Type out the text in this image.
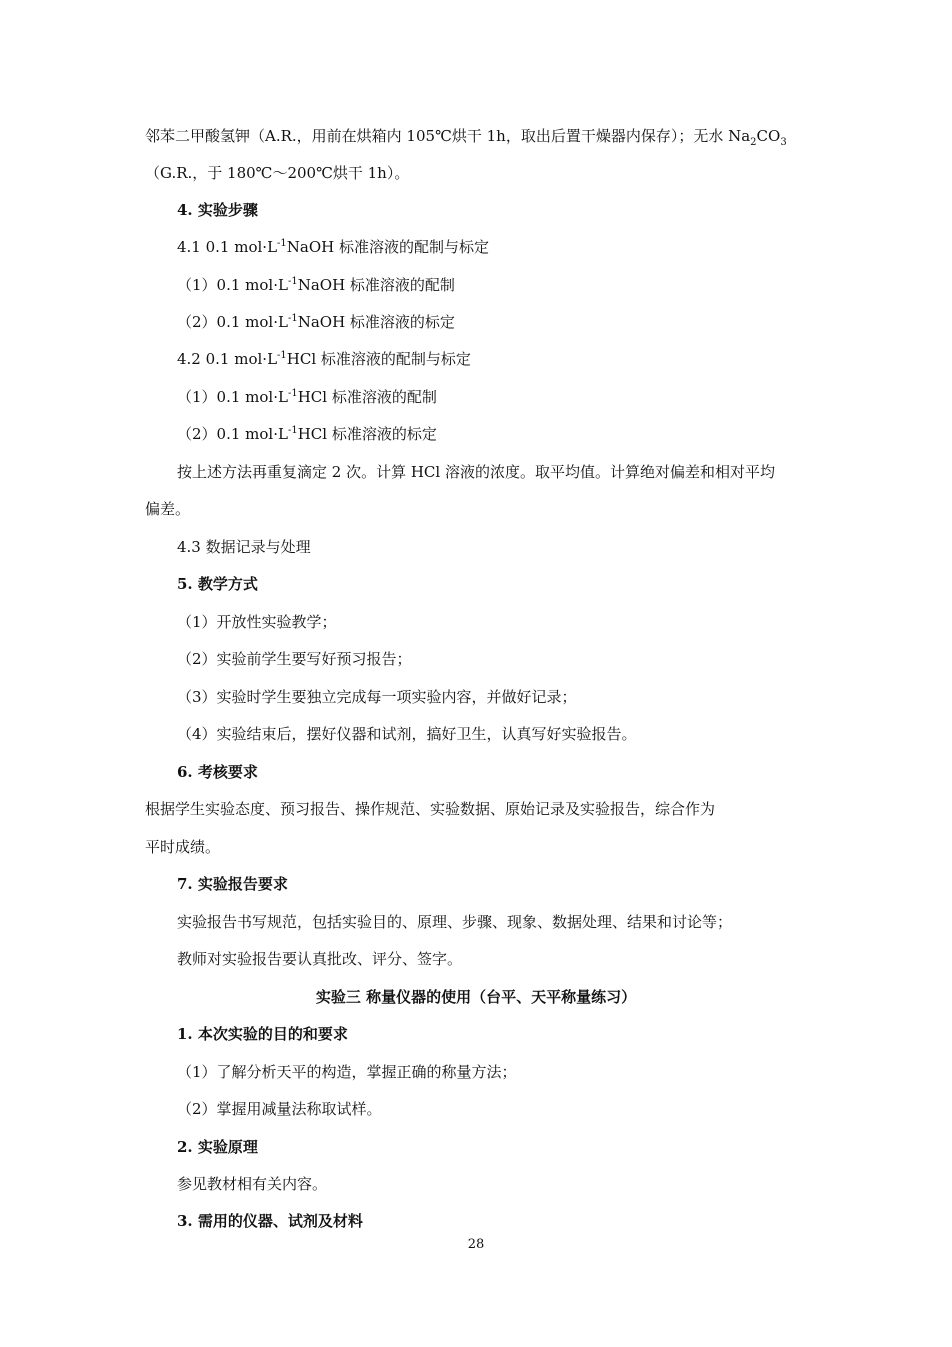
邻苯二甲酸氢钾（A.R.，用前在烘箱内 105℃烘干 1h，取出后置干燥器内保存）；无水 $Na_2CO_3$
（G.R.，于 180℃～200℃烘干 1h）。
4. 实验步骤
4.1 0.1 $mol\cdot L^{-1}NaOH$ 标准溶液的配制与标定
（1）0.1 $mol\cdot L^{-1}NaOH$ 标准溶液的配制
（2）0.1 $mol\cdot L^{-1}NaOH$ 标准溶液的标定
4.2 0.1 $mol\cdot L^{-1}HCl$ 标准溶液的配制与标定
（1）0.1 $mol\cdot L^{-1}HCl$ 标准溶液的配制
（2）0.1 $mol\cdot L^{-1}HCl$ 标准溶液的标定
按上述方法再重复滴定 2 次。计算 HCl 溶液的浓度。取平均值。计算绝对偏差和相对平均
偏差。
4.3 数据记录与处理
5. 教学方式
（1）开放性实验教学；
（2）实验前学生要写好预习报告；
（3）实验时学生要独立完成每一项实验内容，并做好记录；
（4）实验结束后，摆好仪器和试剂，搞好卫生，认真写好实验报告。
6. 考核要求
根据学生实验态度、预习报告、操作规范、实验数据、原始记录及实验报告，综合作为
平时成绩。
7. 实验报告要求
实验报告书写规范，包括实验目的、原理、步骤、现象、数据处理、结果和讨论等；
教师对实验报告要认真批改、评分、签字。
实验三 称量仪器的使用（台平、天平称量练习）
1. 本次实验的目的和要求
（1）了解分析天平的构造，掌握正确的称量方法；
（2）掌握用减量法称取试样。
2. 实验原理
参见教材相有关内容。
3. 需用的仪器、试剂及材料
28
